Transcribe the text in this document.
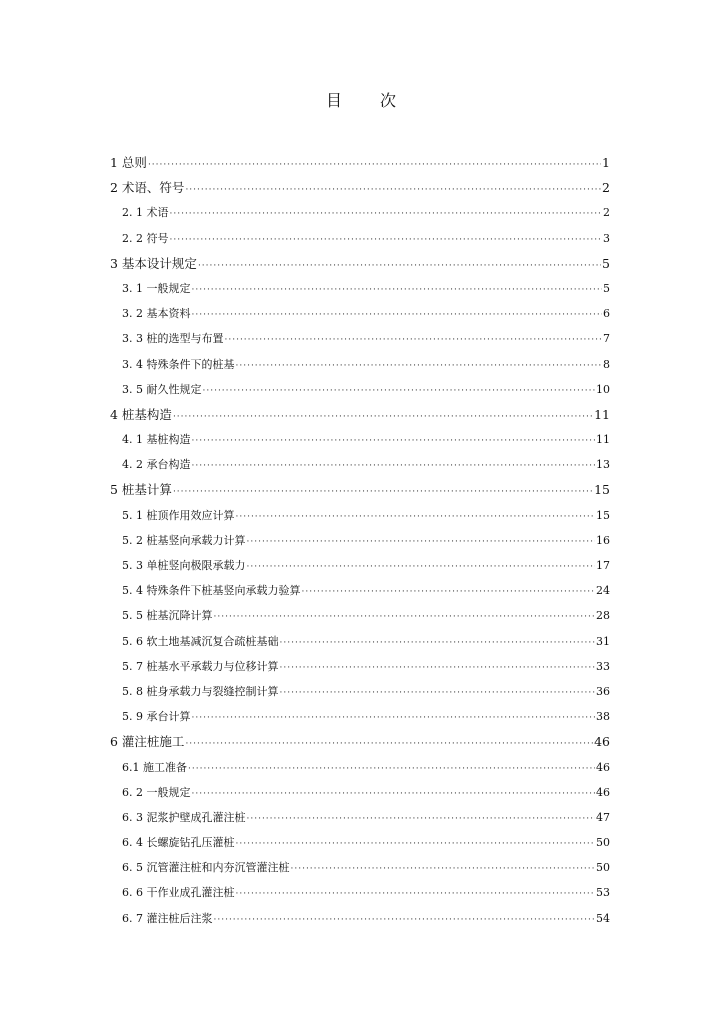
目 次
1 总则 ·····	1
2 术语、符号 ·····	2
2. 1 术语 ·····	2
2. 2 符号 ·····	3
3 基本设计规定 ·····	5
3. 1 一般规定 ·····	5
3. 2 基本资料 ·····	6
3. 3 桩的选型与布置 ·····	7
3. 4 特殊条件下的桩基 ·····	8
3. 5 耐久性规定 ·····	10
4 桩基构造 ·····	11
4. 1 基桩构造 ·····	11
4. 2 承台构造 ·····	13
5 桩基计算 ·····	15
5. 1 桩顶作用效应计算 ·····	15
5. 2 桩基竖向承载力计算 ·····	16
5. 3 单桩竖向极限承载力 ·····	17
5. 4 特殊条件下桩基竖向承载力验算 ·····	24
5. 5 桩基沉降计算 ·····	28
5. 6 软土地基减沉复合疏桩基础 ·····	31
5. 7 桩基水平承载力与位移计算 ·····	33
5. 8 桩身承载力与裂缝控制计算 ·····	36
5. 9 承台计算 ·····	38
6 灌注桩施工 ·····	46
6.1 施工准备 ·····	46
6. 2 一般规定 ·····	46
6. 3 泥浆护壁成孔灌注桩 ·····	47
6. 4 长螺旋钻孔压灌桩 ·····	50
6. 5 沉管灌注桩和内夯沉管灌注桩 ·····	50
6. 6 干作业成孔灌注桩 ·····	53
6. 7 灌注桩后注浆 ·····	54
